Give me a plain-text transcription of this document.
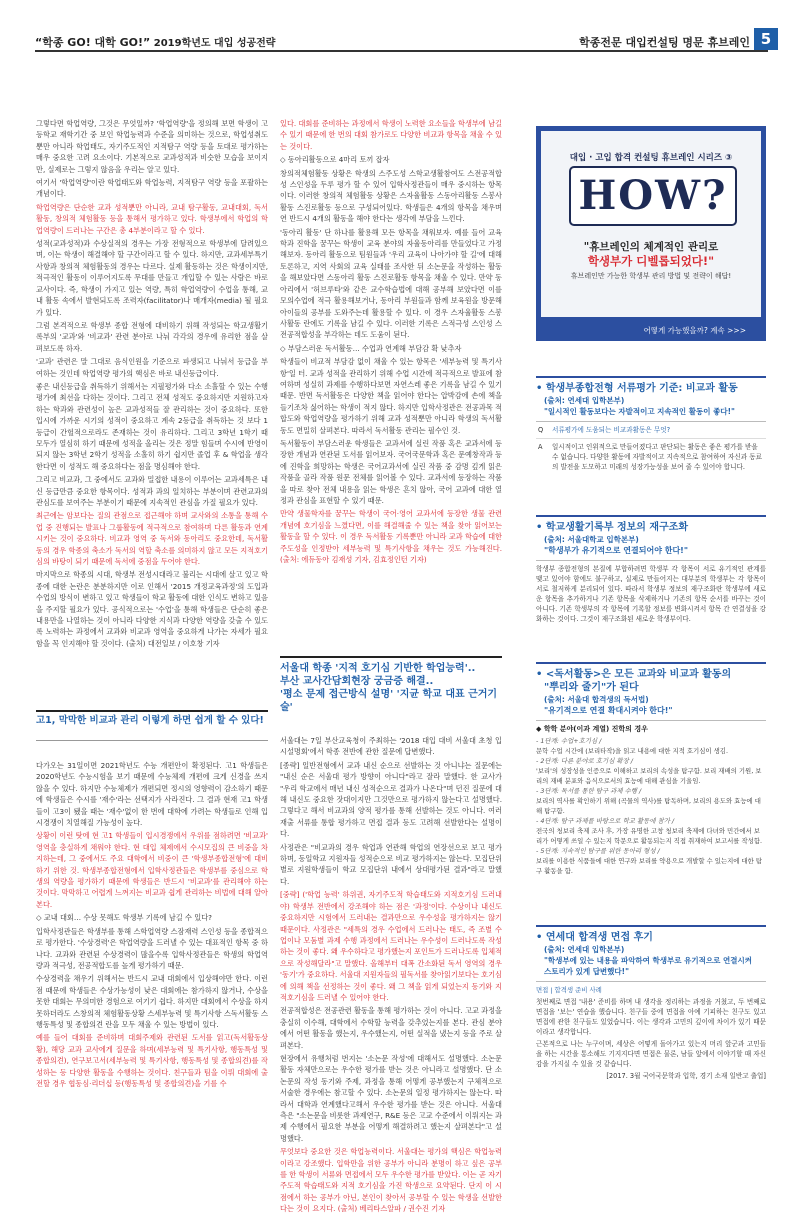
“학종 GO! 대학 GO!” 2019학년도 대입 성공전략	학종전문 대입컨설팅 명문 휴브레인 5

그렇다면 학업역량, 그것은 무엇일까? '학업역량'을 정의해 보면 학생이 고등학교 재학기간 중 보인 학업능력과 수준을 의미하는 것으로, 학업성취도뿐만 아니라 학업태도, 자기주도적인 지적탐구 역량 등을 토대로 평가하는 매우 중요한 고려 요소이다. 기본적으로 교과성적과 비슷한 모습을 보이지만, 실제로는 그렇지 않음을 우리는 알고 있다.

여기서 '학업역량'이란 학업태도와 학업능력, 지적탐구 역량 등을 포괄하는 개념이다.

학업역량은 단순한 교과 성적뿐만 아니라, 교내 탐구활동, 교내대회, 독서활동, 창의적 체험활동 등을 통해서 평가하고 있다. 학생부에서 학업의 학업역량이 드러나는 구간은 총 4부분이라고 할 수 있다.

성적(교과성적)과 수상실적의 경우는 가장 전형적으로 학생부에 달려있으며, 이는 학생이 해결해야 할 구간이라고 할 수 있다. 하지만, 교과세부특기사항과 창의적 체험활동의 경우는 다르다. 실제 활동하는 것은 학생이지만, 적극적인 활동이 이루어지도록 무대를 만들고 개입할 수 있는 사람은 바로 교사이다. 즉, 학생이 가지고 있는 역량, 특히 학업역량이 수업을 통해, 교내 활동 속에서 발현되도록 조력자(facilitator)나 매개자(media) 될 필요가 있다.

그럼 본격적으로 학생부 종합 전형에 대비하기 위해 작성되는 학교생활기록부의 '교과'와 '비교과' 관련 분야로 나눠 각각의 경우에 유리한 점을 살펴보도록 하자.

'교과' 관련은 말 그대로 음식인원을 기준으로 파생되고 나눠서 등급을 부여하는 것인데 학업역량 평가의 핵심은 바로 내신등급이다.

좋은 내신등급을 취득하기 위해서는 지필평가와 다소 소홀할 수 있는 수행평가에 최선을 다하는 것이다. 그리고 전체 성적도 중요하지만 지원하고자 하는 학과와 관련성이 높은 교과성적들 잘 관리하는 것이 중요하다. 또한 입시에 가까운 시기의 성적이 중요하고 계속 2등급을 취득하는 것 보다 1등급이 간헐적으로라도 존재하는 것이 유리하다. 그리고 3학년 1학기 때 모두가 열심히 하기 때문에 성적을 올리는 것은 정말 힘들며 수시에 반영이 되지 않는 3학년 2학기 성적을 소홀히 하기 쉽지만 졸업 후 & 학업을 생각한다면 이 성적도 해 중요하다는 점을 명심해야 한다.

그리고 비교과, 그 중에서도 교과와 밀접한 내용이 이루어는 교과세특은 내신 등급만큼 중요한 항목이다. 성적과 과의 일치하는 부분이며 관련교과의 관심도를 보여주는 부분이기 때문에 지속적인 관심을 가질 필요가 있다.

최근에는 암보다는 질의 관점으로 접근해야 하며 교사와의 소통을 통해 수업 중 진행되는 발표나 그룹활동에 적극적으로 참여하며 다른 활동과 연계시키는 것이 중요하다. 비교과 영역 중 독서와 동아리도 중요한데, 독서활동의 경우 학종의 축소가 독서의 역할 축소를 의미하지 않고 모든 지적호기심의 바탕이 되기 때문에 독서에 중점을 두어야 한다.

마지막으로 학종의 시대, 학생부 전성시대라고 불리는 시대에 살고 있고 학종에 대한 논란은 분분하지만 이로 인해서 '2015 개정교육과정'의 도입과 수업의 방식이 변하고 있고 학생들이 학교 활동에 대한 인식도 변하고 있음을 주지할 필요가 있다. 공식적으로는 '수업'을 통해 학생들은 단순히 좋은 내용만을 나열하는 것이 아니라 다양한 지식과 다양한 역량을 갖출 수 있도록 노력하는 과정에서 교과와 비교과 영역을 중요하게 나가는 자세가 필요함을 꼭 인지해야 할 것이다. (출처) 대전일보 / 이호창 기자

있다. 대회를 준비하는 과정에서 학생이 노력한 요소들을 학생부에 남길 수 있기 때문에 한 번의 대회 참가로도 다양한 비교과 항목을 채울 수 있는 것이다.

◇ 동아리활동으로 4마리 토끼 잡자

창의적체험활동 상황은 학생의 스주도성 스학교생활참여도 스전공적합성 스인성을 두루 평가 할 수 있어 입학사정관들이 매우 중시하는 항목이다. 이러한 창의적 체험활동 상황은 스자율활동 스동아리활동 스봉사활동 스진로활동 등으로 구성되어있다. 학생들은 4개의 항목을 채우며 연 반드시 4개의 활동을 해야 한다는 생각에 부담을 느낀다.

'동아리 활동' 단 하나를 활용해 모든 항목을 채워보자. 예를 들어 교육학과 진학을 꿈꾸는 학생이 교육 분야의 자율동아리를 만들었다고 가정해보자. 동아리 활동으로 팀원들과 '우리 교육이 나아가야 할 길'에 대해 토론하고, 지역 사회의 교육 실태를 조사한 뒤 소논문을 작성하는 활동을 해보았다면 스동아리 활동 스진로활동 항목을 채울 수 있다. 만약 동아리에서 '허브루타'와 같은 교수학습법에 대해 공부해 보았다면 이를 모의수업에 적극 활용해보거나, 동아리 부원들과 함께 보육원을 방문해 아이들의 공부를 도와주는데 활용할 수 있다. 이 경우 스자율활동 스봉사활동 란에도 기록을 남길 수 있다. 이러한 기록은 스적극성 스인성 스전공적합성을 부각하는 데도 도움이 된다.

◇ 부담스러운 독서활동… 수업과 연계해 부담감 확 낮추자

학생들이 비교적 부담감 없이 채울 수 있는 항목은 '세부능력 및 특기사항'일 터. 교과 성적을 관리하기 위해 수업 시간에 적극적으로 발표에 참여하며 성실히 과제를 수행하다보면 자연스레 좋은 기록을 남길 수 있기 때문. 반면 독서활동은 다양한 책을 읽어야 한다는 압박감에 손에 책을 들기조차 싫어하는 학생이 적지 않다. 하지만 입학사정관은 전공과목 적합도와 학업역량을 평가하기 위해 교과 성적뿐만 아니라 학생의 독서활동도 면밀히 살펴본다. 따라서 독서활동 관리는 필수인 것.

독서활동이 부담스러운 학생들은 교과서에 실린 작품 혹은 교과서에 등장한 개념과 연관된 도서를 읽어보자. 국어국문학과 혹은 문예창작과 등에 진학을 희망하는 학생은 국어교과서에 실린 작품 중 감명 깊게 읽은 작품을 골라 작품 원문 전체를 읽어볼 수 있다. 교과서에 등장하는 작품을 따로 찾아 전체 내용을 읽는 학생은 흔치 않아, 국어 교과에 대한 열정과 관심을 표현할 수 있기 때문.

만약 생물학자를 꿈꾸는 학생이 국어·영어 교과서에 등장한 생물 관련 개념에 호기심을 느꼈다면, 이를 해결해줄 수 있는 책을 찾아 읽어보는 활동을 할 수 있다. 이 경우 독서활동 기록뿐만 아니라 교과 학습에 대한 주도성을 인정받아 세부능력 및 특기사항을 채우는 것도 가능해진다. (출처: 에듀동아 김재성 기자, 김효정인턴 기자)

고1, 막막한 비교과 관리 이렇게 하면 쉽게 할 수 있다!

다가오는 31일이면 2021학년도 수능 개편안이 확정된다. 고1 학생들은 2020학년도 수능시험을 보기 때문에 수능체제 개편에 크게 신경을 쓰지 않을 수 있다. 하지만 수능체제가 개편되면 정시의 영향력이 감소하기 때문에 학생들은 수시를 '재수'라는 선택지가 사라진다. 그 결과 현재 고1 학생들이 고3이 됐을 때는 '재수'없이 한 번에 대학에 가려는 학생들로 인해 입시경쟁이 치열해질 가능성이 높다.

상황이 이런 탓에 현 고1 학생들이 입시경쟁에서 우위를 점하려면 '비교과' 영역을 충실하게 채워야 한다. 현 대입 체제에서 수시모집의 큰 비중을 차지하는데, 그 중에서도 주요 대학에서 비중이 큰 '학생부종합전형'에 대비하기 위한 것. 학생부종합전형에서 입학사정관들은 학생부를 중심으로 학생의 역량을 평가하기 때문에 학생들은 반드시 '비교과'를 관리해야 하는 것이다. 막막하고 어렵게 느껴지는 비교과 쉽게 관리하는 비법에 대해 알아본다.

◇ 교내 대회… 수상 못해도 학생부 기록에 남길 수 있다?

입학사정관들은 학생부를 통해 스학업역량 스잠재력 스인성 등을 종합적으로 평가한다. '수상경력'은 학업역량을 드러낼 수 있는 대표적인 항목 중 하나다. 교과와 관련된 수상경력이 많을수록 입학사정관들은 학생의 학업역량과 적극성, 전공적합도를 높게 평가하기 때문.

수상경력을 채우기 위해서는 반드시 교내 대회에서 입상해야만 한다. 이런 점 때문에 학생들은 수상가능성이 낮은 대회에는 참가하지 않거나, 수상을 못한 대회는 무의미한 경험으로 여기기 쉽다. 하지만 대회에서 수상을 하지 못하더라도 스창의적 체험활동상황 스세부능력 및 특기사항 스독서활동 스행동특성 및 종합의견 란을 모두 채울 수 있는 방법이 있다.

예를 들어 대회를 준비하며 대회주제와 관련된 도서를 읽고(독서활동상황), 해당 교과 교사에게 질문을 하며(세부능력 및 특기사항, 행동특성 및 종합의견), 연구보고서(세부능력 및 특기사항, 행동특성 및 종합의견)를 작성하는 등 다양한 활동을 수행하는 것이다. 친구들과 팀을 이뤄 대회에 출전할 경우 협동심·리더십 등(행동특성 및 종합의견)을 기를 수

서울대 학종 '지적 호기심 기반한 학업능력'..
부산 교사간담회현장 궁금증 해결..
'평소 문제 접근방식 설명' '지균 학교 대표 근거기술'

서울대는 7일 부산교육청이 주최하는 '2018 대입 대비 서울대 초청 입시설명회'에서 학종 전반에 관한 질문에 답변했다.

[종략] 일반전형에서 교과 내신 순으로 선발하는 것 아니냐는 질문에는 "내신 순은 서울대 평가 방향이 아니다"라고 잘라 말했다. 한 교사가 "우리 학교에서 매년 내신 성적순으로 결과가 나온다"며 던진 질문에 대해 내신도 중요한 잣대이지만 그것만으로 평가하지 않는다고 설명했다. 그렇다고 해서 비교과의 양적 평가를 통해 선발하는 것도 아니다. 여러 재출 서류를 통합 평가하고 면접 결과 등도 고려해 선발한다는 설명이다.

사정관은 "비교과의 경우 학업과 연관해 학업의 연장선으로 보고 평가하며, 동일학교 지원자들 성적순으로 비교 평가하지는 않는다. 모집단위별로 지원학생들이 학교 모집단위 내에서 상대평가된 결과"라고 말했다.

[중략] ('학업 능력' 하위권, 자기주도적 학습태도와 지적호기심 드러내야) 학생부 전반에서 강조해야 하는 점은 '과정'이다. 수상이나 내신도 중요하지만 시험에서 드러내는 결과만으로 우수성을 평가하지는 않기 때문이다. 사정관은 "세특의 경우 수업에서 드러나는 태도, 즉 조별 수업이나 모둠별 과제 수행 과정에서 드러나는 우수성이 드러나도록 작성하는 것이 좋다. 왜 우수하다고 평가했는지 포인트가 드러나도록 입체적으로 작성해달라"고 말했다. 올해부터 대폭 간소화된 독서 영역의 경우 '동기'가 중요하다. 서울대 지원자들의 필독서를 찾아읽기보다는 호기심에 의해 책을 선정하는 것이 좋다. 왜 그 책을 읽게 되었는지 동기와 지적호기심을 드러낼 수 있어야 한다.

전공적합성은 전공관련 활동을 통해 평가하는 것이 아니다. 고교 과정을 충실히 이수해, 대학에서 수학할 능력을 갖추었는지를 본다. 관심 분야에서 어떤 활동을 했는지, 우수했는지, 어떤 실적을 냈는지 등을 주로 살펴본다.

현장에서 유행처럼 번지는 '소논문 작성'에 대해서도 설명했다. 소논문 활동 자체만으로는 우수한 평가를 받는 것은 아니라고 설명했다. 단 소논문의 작성 동기와 주제, 과정을 통해 어떻게 공부했는지 구체적으로 서술한 경우에는 참고할 수 있다. 소논문의 일정 평가하지는 않는다. 따라서 대학과 연계했다고해서 우수한 평가를 받는 것은 아니다. 서울대 측은 "소논문을 비롯한 과제연구, R&E 등은 고교 수준에서 이뤄지는 과제 수행에서 필요한 부분을 어떻게 해결하려고 했는지 살펴본다"고 설명했다.

무엇보다 중요한 것은 학업능력이다. 서울대는 평가의 핵심은 학업능력이라고 강조했다. 입학만을 위한 공부가 아니라 분명이 하고 싶은 공부를 한 학생이 서류와 면접에서 모두 우수한 평가를 받았다. 이는 곧 자기주도적 학습태도와 지적 호기심을 가진 학생으로 요약된다. 단지 이 시점에서 하는 공부가 아닌, 본인이 찾아서 공부할 수 있는 학생을 선발한다는 것이 요지다. (출처) 베리타스알파 / 권수진 기자

대입 · 고입 합격 컨설팅 휴브레인 시리즈 ③
HOW?
"휴브레인의 체계적인 관리로
학생부가 디벨롭되었다!"
휴브레인만 가능한 학생부 관리 방법 및 전략이 해답!
어떻게 가능했을까? 계속 >>>

• 학생부종합전형 서류평가 기준: 비교과 활동

(출처: 연세대 입학본부)

"일시적인 활동보다는 자발적이고 지속적인 활동이 좋다!"

Q 서류평가에 도움되는 비교과활동은 무엇?
A 일시적이고 인위적으로 만들어졌다고 판단되는 활동은 좋은 평가를 받을 수 없습니다. 다양한 활동에 자발적이고 지속적으로 참여하여 자신과 동료의 발전을 도모하고 미래의 성장가능성을 보여 줄 수 있어야 합니다.

• 학교생활기록부 정보의 재구조화

(출처: 서울대학교 입학본부)

"학생부가 유기적으로 연결되어야 한다!"

학생부 종합전형의 본질에 부합하려면 학생부 각 항목이 서로 유기적인 관계를 맺고 있어야 함에도 불구하고, 실제로 만들어지는 대부분의 학생부는 각 항목이 서로 철저하게 분리되어 있다. 따라서 학생부 정보의 재구조화란 학생부에 새로운 항목을 추가하거나 기존 항목을 삭제하거나 기존의 항목 순서를 바꾸는 것이 아니다. 기존 학생부의 각 항목에 기록할 정보를 변화시켜서 항목 간 연결성을 강화하는 것이다. 그것이 재구조화된 새로운 학생부이다.

• <독서활동>은 모든 교과와 비교과 활동의

"뿌리와 줄기"가 된다

(출처: 서울대 합격생의 독서법)

"유기적으로 연결 확대시켜야 한다!"

◆ 학학 분야(이과 계열) 진학의 경우

- 1단계: 수업+호기심 /

문학 수업 시간에 (보리타작)을 읽고 내용에 대한 지적 호기심이 생김.

- 2단계: 다른 분야로 호기심 확장 /

'보리'의 성장성을 인증으로 이해하고 보리의 속성을 탐구함. 보리 재배의 기원, 보리의 재배 분포와 음식으로서의 효능에 대해 관심을 기울임.

- 3단계: 독서를 통한 탐구 과제 수행 /

보리의 역사를 확인하기 위해 (곡물의 역사)를 탐독하며, 보리의 용도와 효능에 대해 탐구함.

- 4단계: 탐구 과제를 바탕으로 학교 활동에 참가 /

전국의 청보리 축제 조사 후, 가장 유명한 고창 청보리 축제에 다녀와 민간에서 보리가 어떻게 쓰일 수 있는지 학문으로 활동되는지 직접 취재하여 보고서를 작성함.

- 5단계: 지속적인 탐구를 위한 동아리 형성 /

보리를 이용한 식품들에 대한 연구와 보리를 약용으로 개발할 수 있는지에 대한 탐구 활동을 함.

• 연세대 합격생 면접 후기

(출처: 연세대 입학본부)

"학생부에 있는 내용을 파악하여 학생부로 유기적으로 연결시켜

스토리가 있게 답변했다!"

면접 | 합격생 준비 사례

첫번째로 면접 '내용' 준비를 하며 내 생각을 정리하는 과정을 거쳤고, 두 번째로 면접을 '보는' 연습을 했습니다. 친구들 중에 면접을 아예 기피하는 친구도 있고 면접에 관한 친구들도 있었습니다. 이는 생각과 고민의 깊이에 차이가 있기 때문이라고 생각합니다.

근본적으로 나는 누구이며, 세상은 어떻게 돌아가고 있는지 머리 앞군과 고민들을 하는 시간을 통소해도 기지지다면 면접은 물론, 남들 앞에서 이야기할 때 자신감을 가지실 수 있을 것 같습니다.

[2017. 3월 국어국문학과 입학, 경기 소재 일반고 출업]
